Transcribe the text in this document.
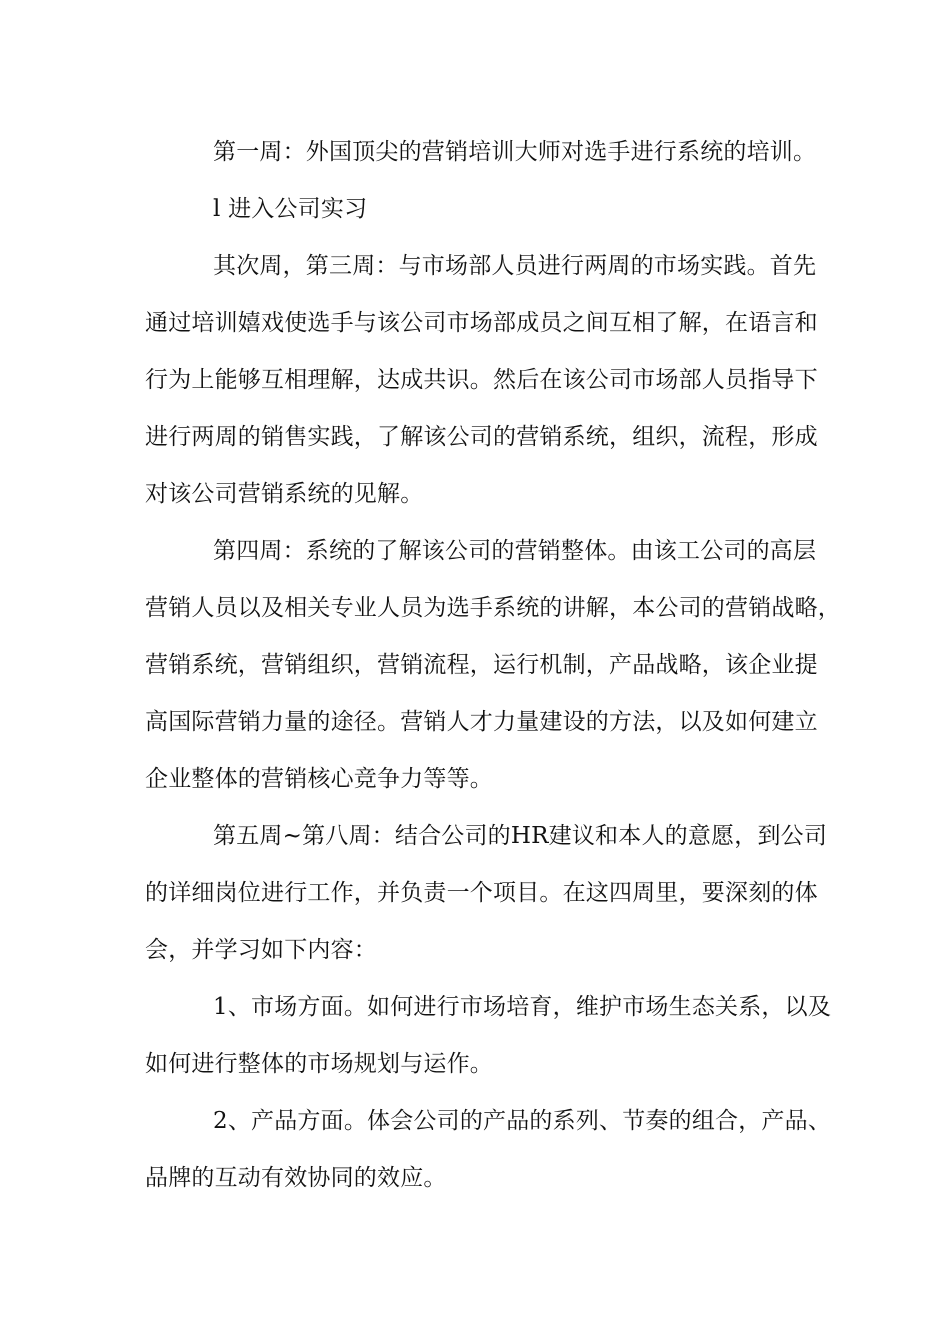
第一周：外国顶尖的营销培训大师对选手进行系统的培训。
l 进入公司实习
其次周，第三周：与市场部人员进行两周的市场实践。首先
通过培训嬉戏使选手与该公司市场部成员之间互相了解，在语言和
行为上能够互相理解，达成共识。然后在该公司市场部人员指导下
进行两周的销售实践，了解该公司的营销系统，组织，流程，形成
对该公司营销系统的见解。
第四周：系统的了解该公司的营销整体。由该工公司的高层
营销人员以及相关专业人员为选手系统的讲解，本公司的营销战略，
营销系统，营销组织，营销流程，运行机制，产品战略，该企业提
高国际营销力量的途径。营销人才力量建设的方法，以及如何建立
企业整体的营销核心竞争力等等。
第五周~第八周：结合公司的HR建议和本人的意愿，到公司
的详细岗位进行工作，并负责一个项目。在这四周里，要深刻的体
会，并学习如下内容：
1、市场方面。如何进行市场培育，维护市场生态关系，以及
如何进行整体的市场规划与运作。
2、产品方面。体会公司的产品的系列、节奏的组合，产品、
品牌的互动有效协同的效应。
